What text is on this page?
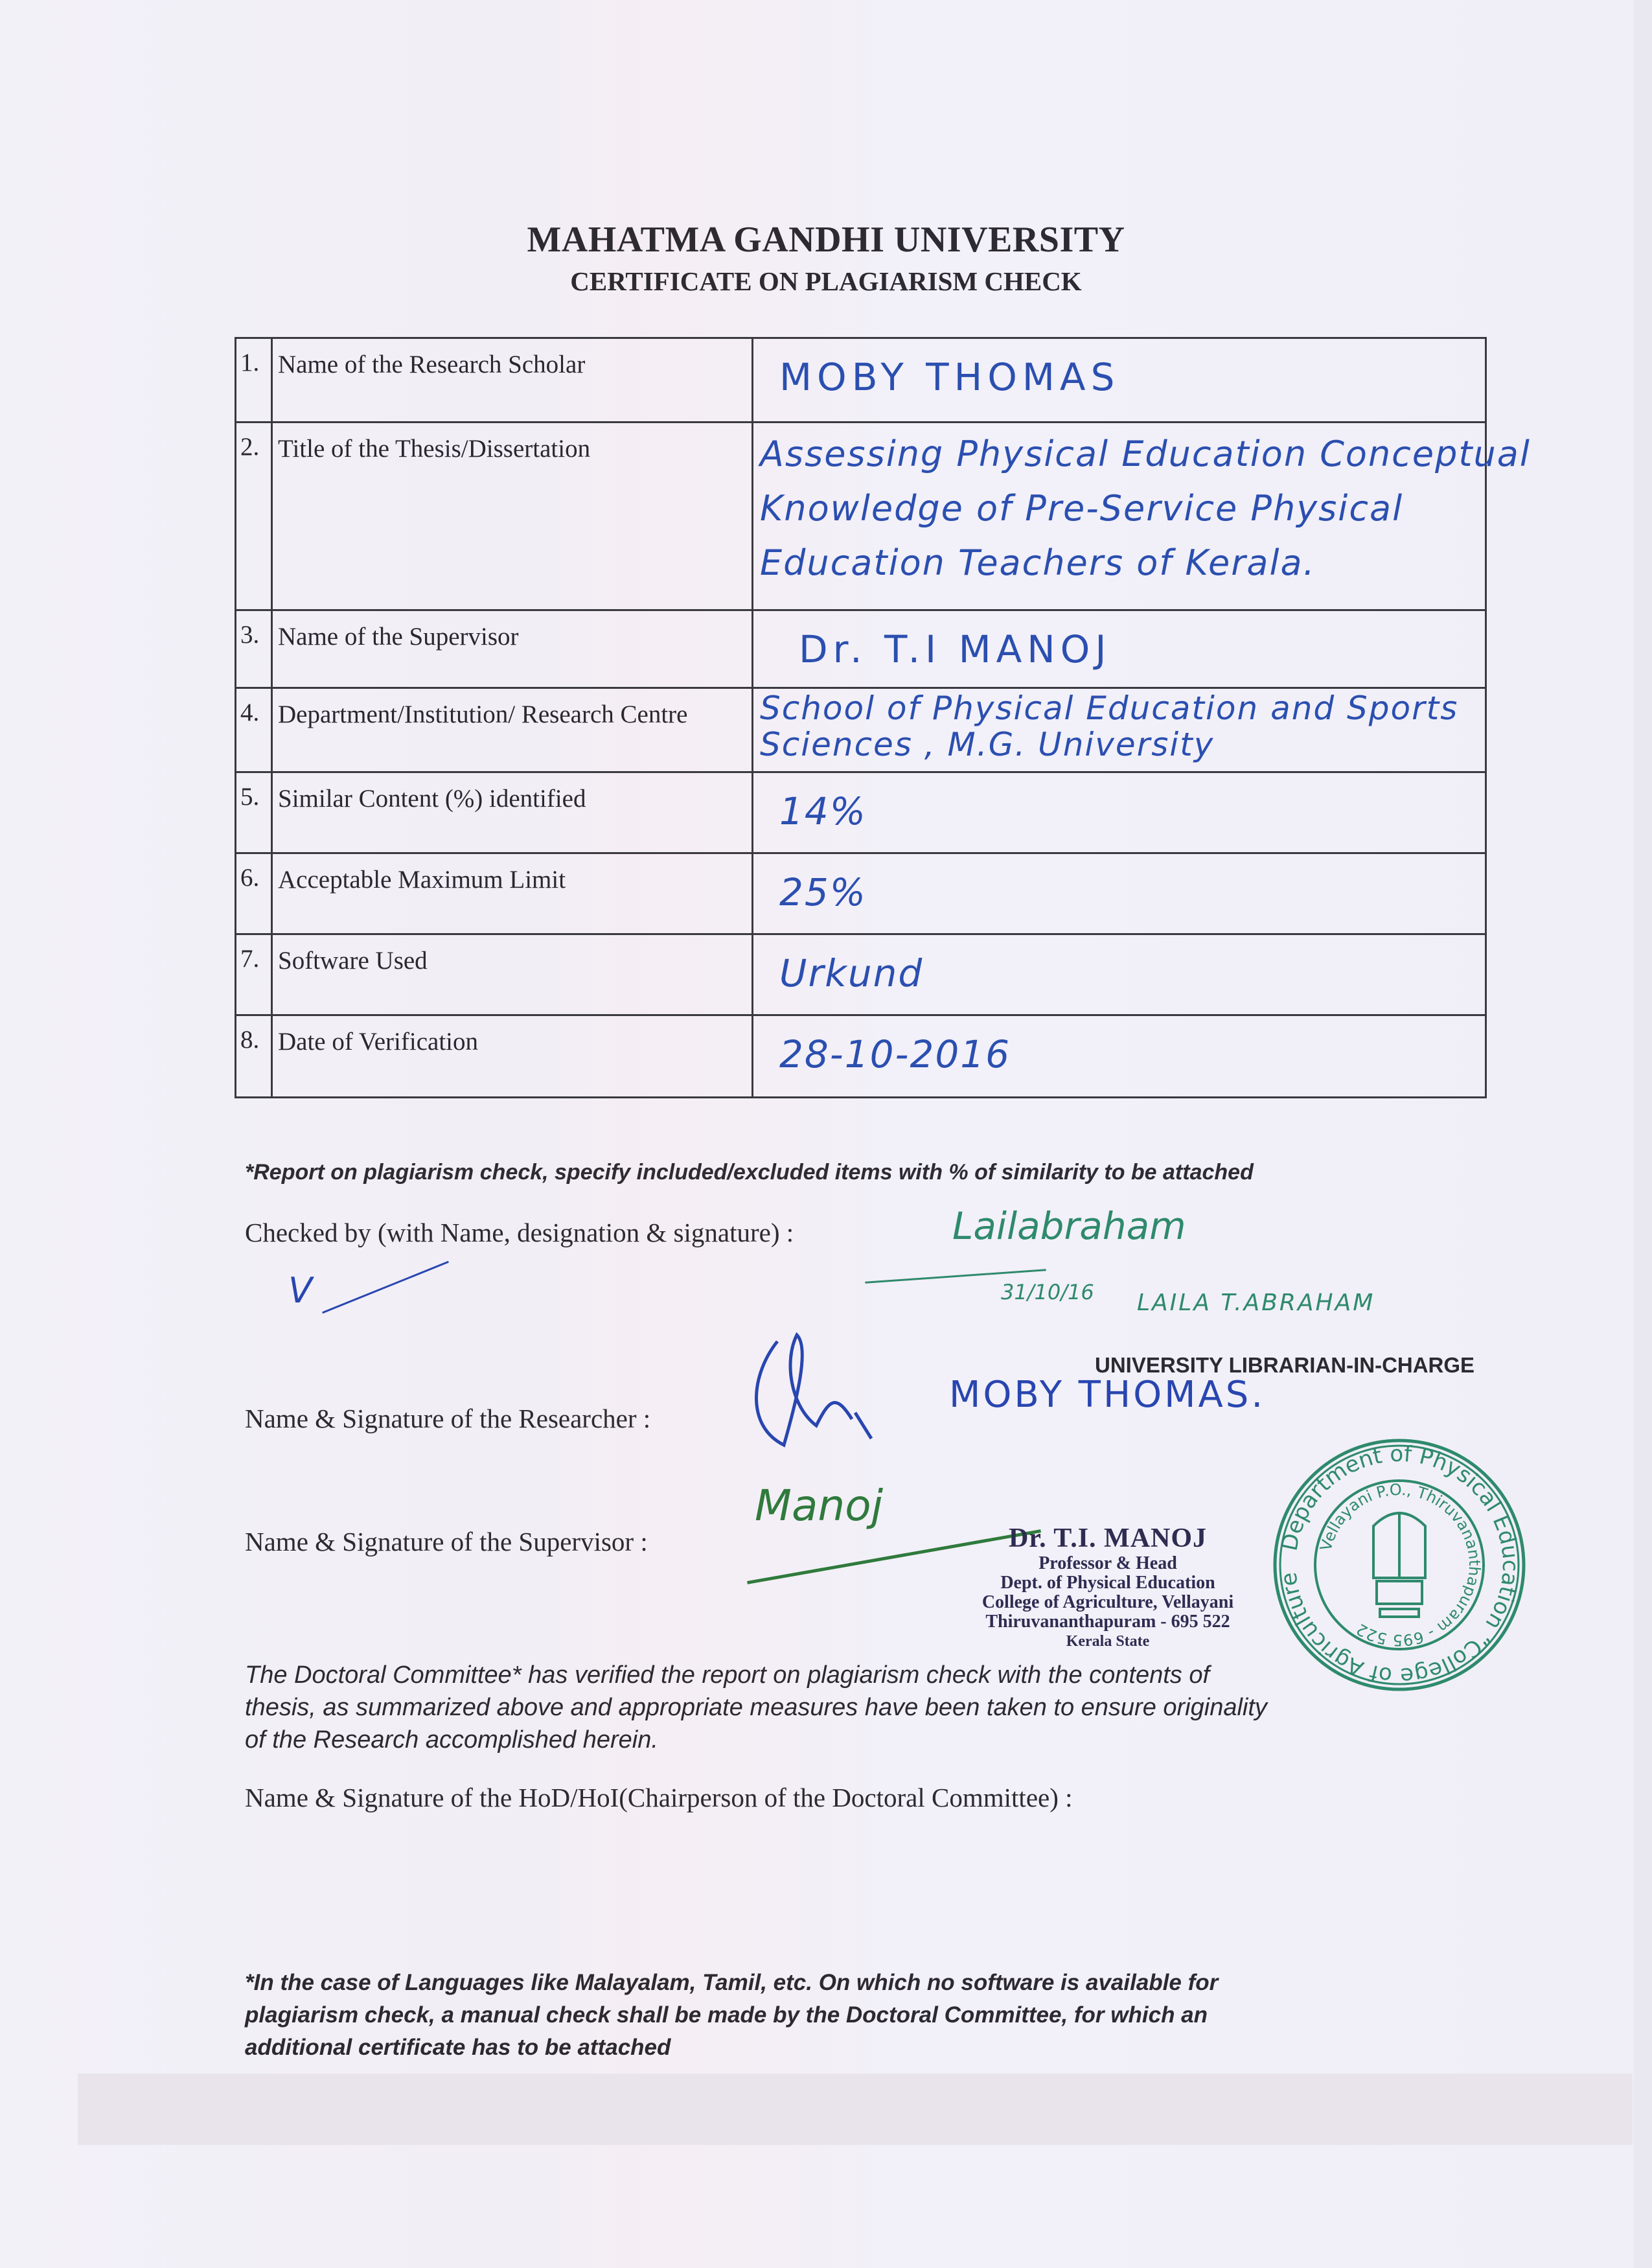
MAHATMA GANDHI UNIVERSITY
CERTIFICATE ON PLAGIARISM CHECK
1. Name of the Research Scholar	MOBY THOMAS
2. Title of the Thesis/Dissertation	Assessing Physical Education Conceptual
Knowledge of Pre-Service Physical
Education Teachers of Kerala.
3. Name of the Supervisor	Dr. T.I MANOJ
4. Department/Institution/ Research Centre	School of Physical Education and Sports
Sciences , M.G. University
5. Similar Content (%) identified	14%
6. Acceptable Maximum Limit	25%
7. Software Used	Urkund
8. Date of Verification	28-10-2016
*Report on plagiarism check, specify included/excluded items with % of similarity to be attached
Checked by (with Name, designation & signature) :	Lailabraham
31/10/16 LAILA T.ABRAHAM
UNIVERSITY LIBRARIAN-IN-CHARGE
V
Name & Signature of the Researcher :
MOBY THOMAS.
Name & Signature of the Supervisor :
Manoj
Dr. T.I. MANOJ
Professor & Head
Dept. of Physical Education
College of Agriculture, Vellayani
Thiruvananthapuram - 695 522
Kerala State
Department of Physical Education “College of Agriculture
Vellayani P.O., Thiruvananthapuram - 695 522
The Doctoral Committee* has verified the report on plagiarism check with the contents of
thesis, as summarized above and appropriate measures have been taken to ensure originality
of the Research accomplished herein.
Name & Signature of the HoD/HoI(Chairperson of the Doctoral Committee) :
*In the case of Languages like Malayalam, Tamil, etc. On which no software is available for
plagiarism check, a manual check shall be made by the Doctoral Committee, for which an
additional certificate has to be attached
